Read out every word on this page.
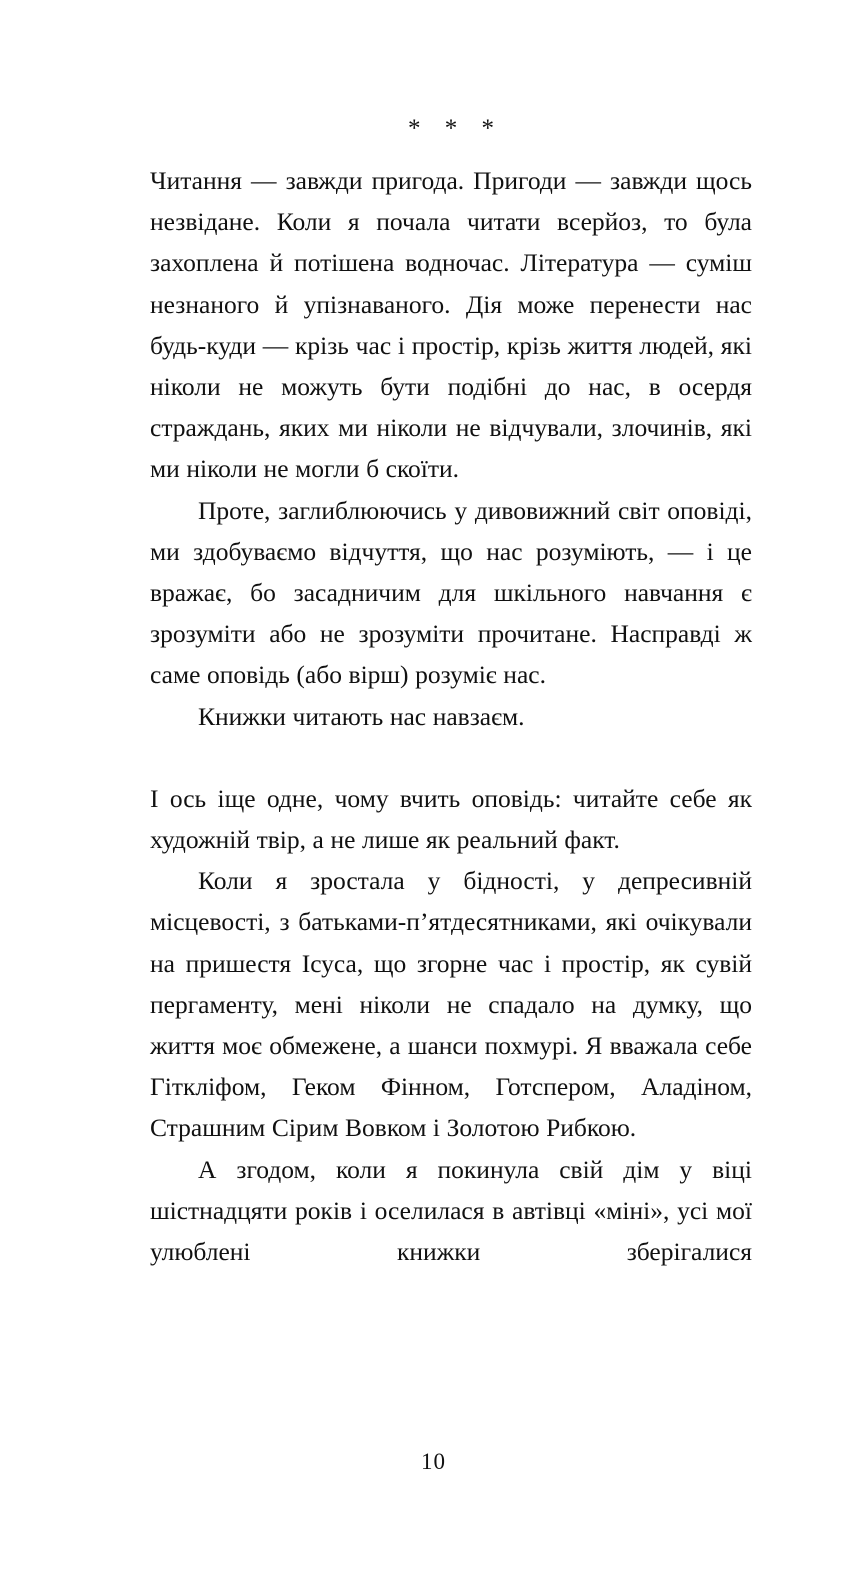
* * *

Читання — завжди пригода. Пригоди — завжди щось незвідане. Коли я почала читати всерйоз, то була захоплена й потішена водночас. Література — суміш незнаного й упізнаваного. Дія може перенести нас будь-куди — крізь час і простір, крізь життя людей, які ніколи не можуть бути подібні до нас, в осердя страждань, яких ми ніколи не відчували, злочинів, які ми ніколи не могли б скоїти.

Проте, заглиблюючись у дивовижний світ оповіді, ми здобуваємо відчуття, що нас розуміють, — і це вражає, бо засадничим для шкільного навчання є зрозуміти або не зрозуміти прочитане. Насправді ж саме оповідь (або вірш) розуміє нас.

Книжки читають нас навзаєм.

І ось іще одне, чому вчить оповідь: читайте себе як художній твір, а не лише як реальний факт.

Коли я зростала у бідності, у депресивній місцевості, з батьками-п’ятдесятниками, які очікували на пришестя Ісуса, що згорне час і простір, як сувій пергаменту, мені ніколи не спадало на думку, що життя моє обмежене, а шанси похмурі. Я вважала себе Гіткліфом, Геком Фінном, Готспером, Аладіном, Страшним Сірим Вовком і Золотою Рибкою.

А згодом, коли я покинула свій дім у віці шістнадцяти років і оселилася в автівці «міні», усі мої улюблені книжки зберігалися

10
